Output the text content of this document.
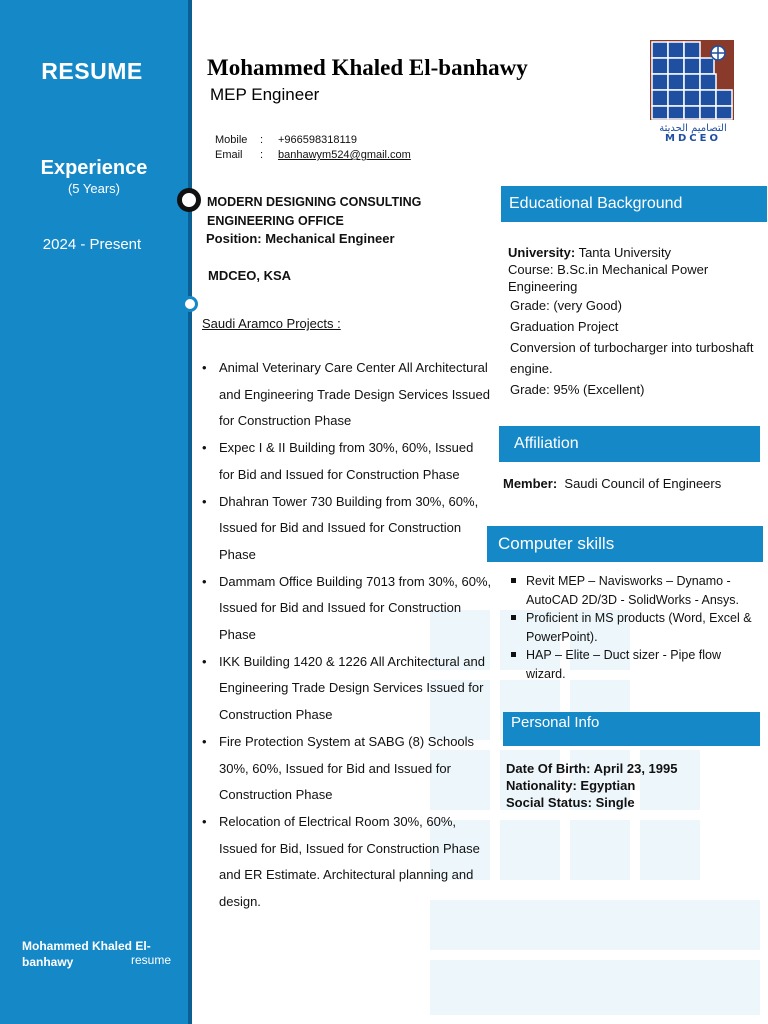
RESUME
Experience
(5 Years)
2024 - Present
Mohammed Khaled El-banhawy	resume
Mohammed Khaled El-banhawy
MEP Engineer
Mobile : +966598318119
Email : banhawym524@gmail.com
التصاميم الحديثة
MDCEO
MODERN DESIGNING CONSULTING
ENGINEERING OFFICE
Position: Mechanical Engineer
MDCEO, KSA
Saudi Aramco Projects :
• Animal Veterinary Care Center All Architectural and Engineering Trade Design Services Issued for Construction Phase
• Expec I & II Building from 30%, 60%, Issued for Bid and Issued for Construction Phase
• Dhahran Tower 730 Building from 30%, 60%, Issued for Bid and Issued for Construction Phase
• Dammam Office Building 7013 from 30%, 60%, Issued for Bid and Issued for Construction Phase
• IKK Building 1420 & 1226 All Architectural and Engineering Trade Design Services Issued for Construction Phase
• Fire Protection System at SABG (8) Schools 30%, 60%, Issued for Bid and Issued for Construction Phase
• Relocation of Electrical Room 30%, 60%, Issued for Bid, Issued for Construction Phase and ER Estimate. Architectural planning and design.
Educational Background
University: Tanta University
Course: B.Sc.in Mechanical Power Engineering
Grade: (very Good)
Graduation Project
Conversion of turbocharger into turboshaft engine.
Grade: 95% (Excellent)
Affiliation
Member:  Saudi Council of Engineers
Computer skills
Revit MEP – Navisworks – Dynamo - AutoCAD 2D/3D - SolidWorks - Ansys.
Proficient in MS products (Word, Excel & PowerPoint).
HAP – Elite – Duct sizer - Pipe flow wizard.
Personal Info
Date Of Birth: April 23, 1995
Nationality: Egyptian
Social Status: Single
